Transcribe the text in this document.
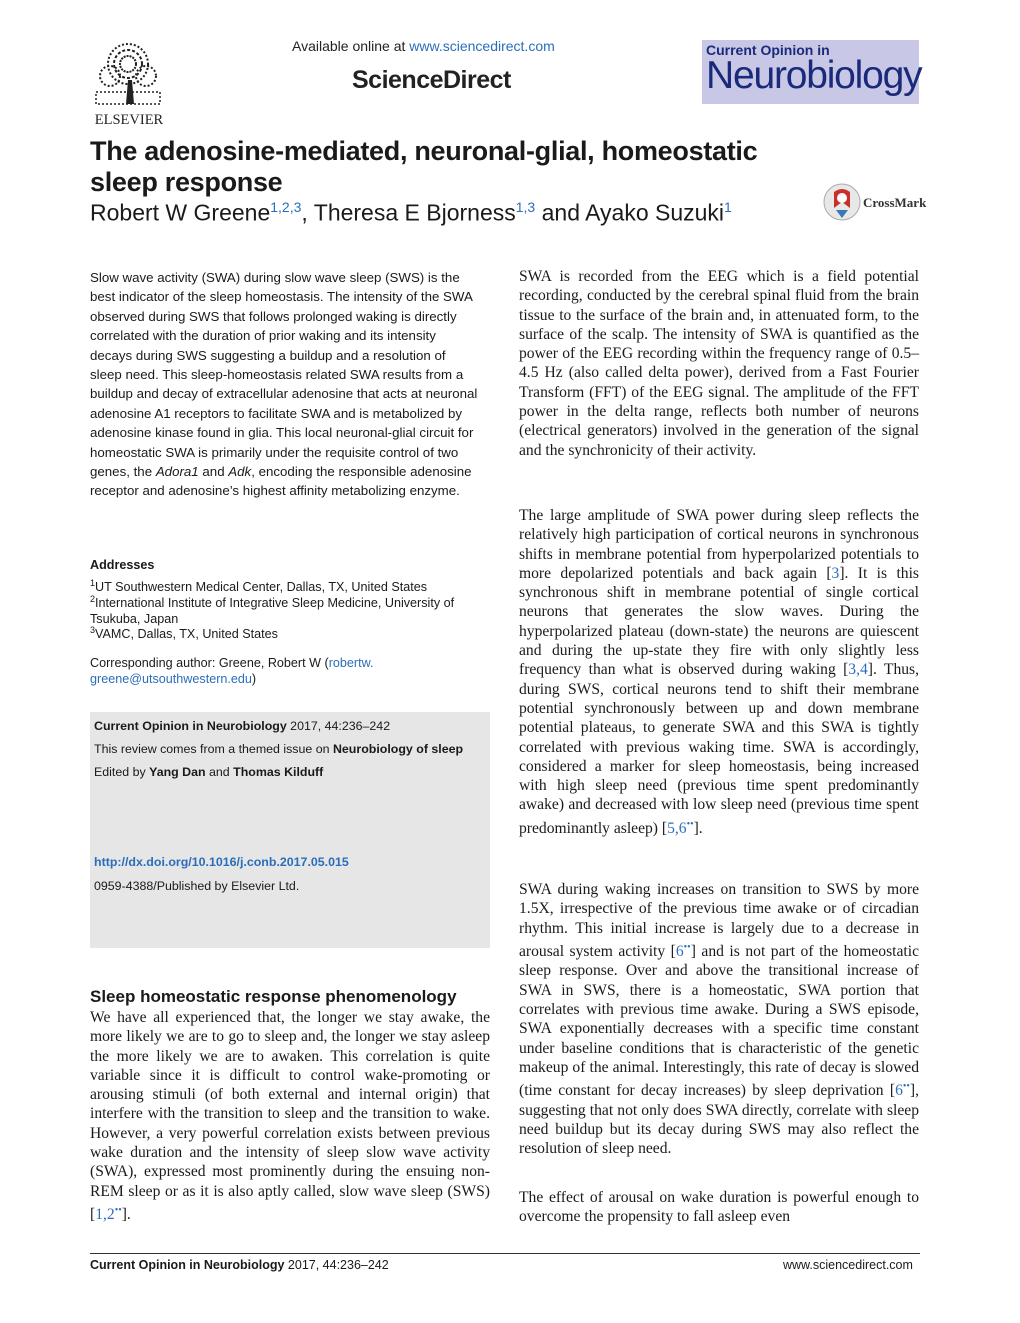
ELSEVIER
Available online at www.sciencedirect.com
ScienceDirect
Current Opinion in
Neurobiology
The adenosine-mediated, neuronal-glial, homeostatic sleep response
Robert W Greene$^{1,2,3}$, Theresa E Bjorness$^{1,3}$ and Ayako Suzuki$^1$	CrossMark
Slow wave activity (SWA) during slow wave sleep (SWS) is the best indicator of the sleep homeostasis. The intensity of the SWA observed during SWS that follows prolonged waking is directly correlated with the duration of prior waking and its intensity decays during SWS suggesting a buildup and a resolution of sleep need. This sleep-homeostasis related SWA results from a buildup and decay of extracellular adenosine that acts at neuronal adenosine A1 receptors to facilitate SWA and is metabolized by adenosine kinase found in glia. This local neuronal-glial circuit for homeostatic SWA is primarily under the requisite control of two genes, the Adora1 and Adk, encoding the responsible adenosine receptor and adenosine’s highest affinity metabolizing enzyme.
Addresses
$^1$UT Southwestern Medical Center, Dallas, TX, United States
$^2$International Institute of Integrative Sleep Medicine, University of Tsukuba, Japan
$^3$VAMC, Dallas, TX, United States
Corresponding author: Greene, Robert W (robertw.
greene@utsouthwestern.edu)
Current Opinion in Neurobiology 2017, 44:236–242
This review comes from a themed issue on Neurobiology of sleep
Edited by Yang Dan and Thomas Kilduff
http://dx.doi.org/10.1016/j.conb.2017.05.015
0959-4388/Published by Elsevier Ltd.
Sleep homeostatic response phenomenology
We have all experienced that, the longer we stay awake, the more likely we are to go to sleep and, the longer we stay asleep the more likely we are to awaken. This correlation is quite variable since it is difficult to control wake-promoting or arousing stimuli (of both external and internal origin) that interfere with the transition to sleep and the transition to wake. However, a very powerful correlation exists between previous wake duration and the intensity of sleep slow wave activity (SWA), expressed most prominently during the ensuing non-REM sleep or as it is also aptly called, slow wave sleep (SWS) [1,2••].
SWA is recorded from the EEG which is a field potential recording, conducted by the cerebral spinal fluid from the brain tissue to the surface of the brain and, in attenuated form, to the surface of the scalp. The intensity of SWA is quantified as the power of the EEG recording within the frequency range of 0.5–4.5 Hz (also called delta power), derived from a Fast Fourier Transform (FFT) of the EEG signal. The amplitude of the FFT power in the delta range, reflects both number of neurons (electrical generators) involved in the generation of the signal and the synchronicity of their activity.
The large amplitude of SWA power during sleep reflects the relatively high participation of cortical neurons in synchronous shifts in membrane potential from hyperpolarized potentials to more depolarized potentials and back again [3]. It is this synchronous shift in membrane potential of single cortical neurons that generates the slow waves. During the hyperpolarized plateau (down-state) the neurons are quiescent and during the up-state they fire with only slightly less frequency than what is observed during waking [3,4]. Thus, during SWS, cortical neurons tend to shift their membrane potential synchronously between up and down membrane potential plateaus, to generate SWA and this SWA is tightly correlated with previous waking time. SWA is accordingly, considered a marker for sleep homeostasis, being increased with high sleep need (previous time spent predominantly awake) and decreased with low sleep need (previous time spent predominantly asleep) [5,6••].
SWA during waking increases on transition to SWS by more 1.5X, irrespective of the previous time awake or of circadian rhythm. This initial increase is largely due to a decrease in arousal system activity [6••] and is not part of the homeostatic sleep response. Over and above the transitional increase of SWA in SWS, there is a homeostatic, SWA portion that correlates with previous time awake. During a SWS episode, SWA exponentially decreases with a specific time constant under baseline conditions that is characteristic of the genetic makeup of the animal. Interestingly, this rate of decay is slowed (time constant for decay increases) by sleep deprivation [6••], suggesting that not only does SWA directly, correlate with sleep need buildup but its decay during SWS may also reflect the resolution of sleep need.
The effect of arousal on wake duration is powerful enough to overcome the propensity to fall asleep even
Current Opinion in Neurobiology 2017, 44:236–242	www.sciencedirect.com
